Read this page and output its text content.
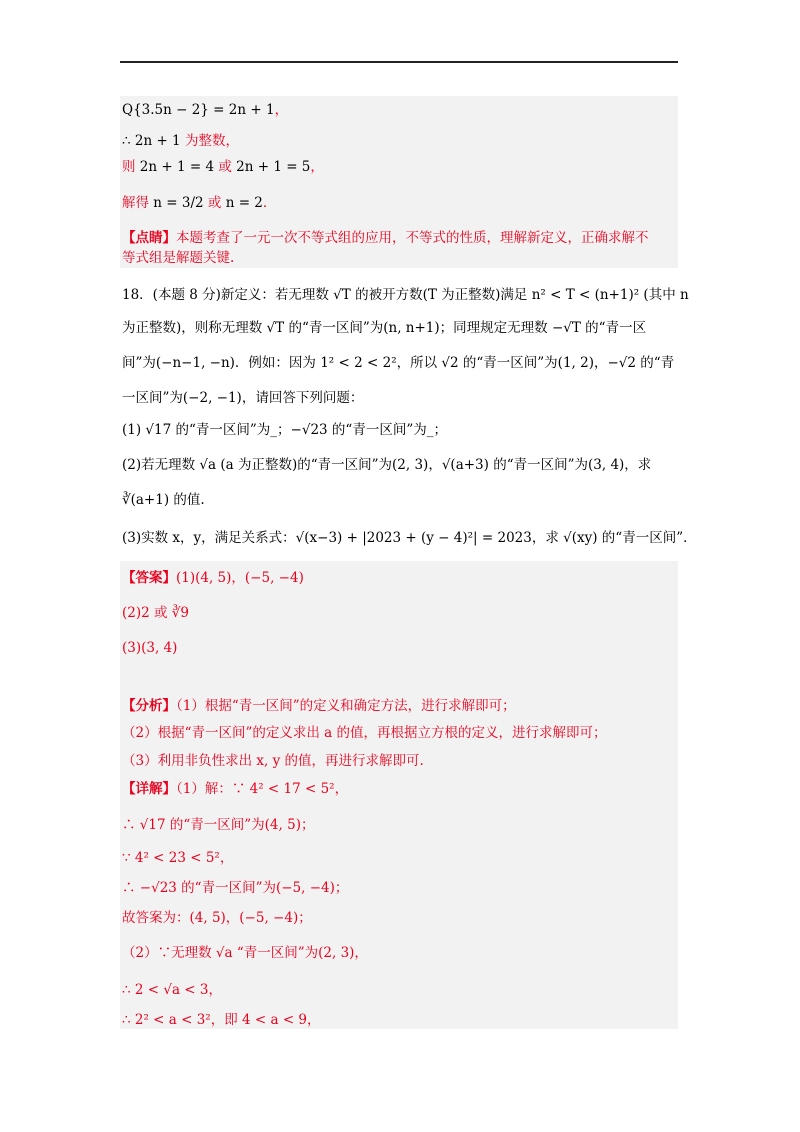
Q{3.5n − 2} = 2n + 1，
∴ 2n + 1 为整数，
则 2n + 1 = 4 或 2n + 1 = 5，
解得 n = 3/2 或 n = 2．
【点睛】本题考查了一元一次不等式组的应用，不等式的性质，理解新定义，正确求解不
等式组是解题关键.
18．(本题 8 分)新定义：若无理数 √T 的被开方数(T 为正整数)满足 n² < T < (n+1)² (其中 n
为正整数)，则称无理数 √T 的“青一区间”为(n, n+1)；同理规定无理数 −√T 的“青一区
间”为(−n−1, −n)．例如：因为 1² < 2 < 2²，所以 √2 的“青一区间”为(1, 2)，−√2 的“青
一区间”为(−2, −1)，请回答下列问题：
(1) √17 的“青一区间”为_；−√23 的“青一区间”为_；
(2)若无理数 √a (a 为正整数)的“青一区间”为(2, 3)，√(a+3) 的“青一区间”为(3, 4)，求
∛(a+1) 的值.
(3)实数 x，y，满足关系式：√(x−3) + |2023 + (y − 4)²| = 2023，求 √(xy) 的“青一区间”．
【答案】(1)(4, 5)，(−5, −4)
(2)2 或 ∛9
(3)(3, 4)
【分析】（1）根据“青一区间”的定义和确定方法，进行求解即可；
（2）根据“青一区间”的定义求出 a 的值，再根据立方根的定义，进行求解即可；
（3）利用非负性求出 x, y 的值，再进行求解即可.
【详解】（1）解：∵ 4² < 17 < 5²，
∴ √17 的“青一区间”为(4, 5)；
∵ 4² < 23 < 5²，
∴ −√23 的“青一区间”为(−5, −4)；
故答案为：(4, 5)，(−5, −4)；
（2）∵无理数 √a “青一区间”为(2, 3)，
∴ 2 < √a < 3，
∴ 2² < a < 3²，即 4 < a < 9，
